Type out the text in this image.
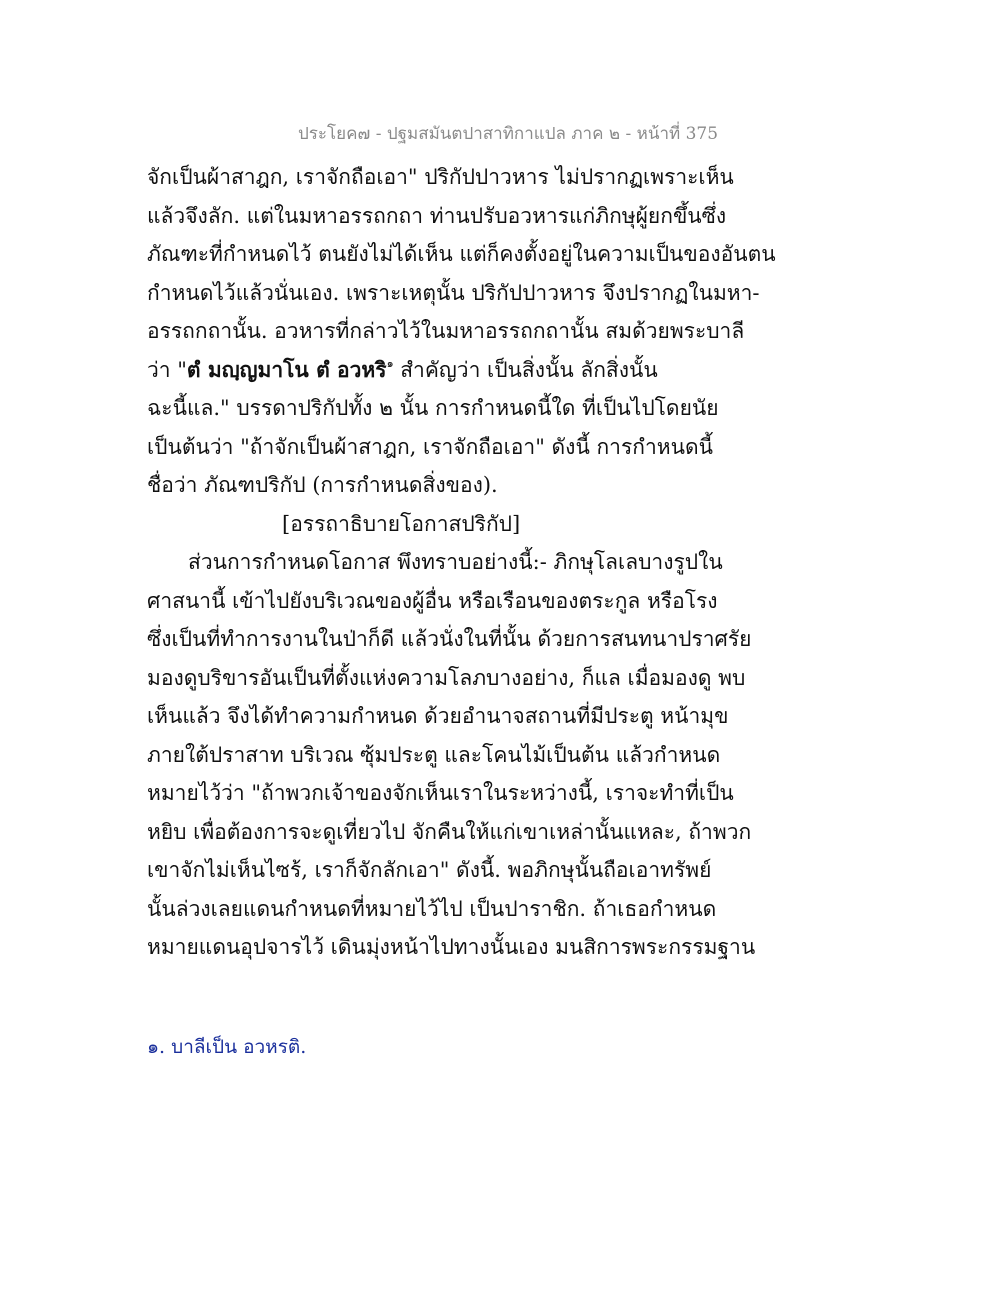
ประโยค๗ - ปฐมสมันตปาสาทิกาแปล ภาค ๒ - หน้าที่ 375
จักเป็นผ้าสาฎก, เราจักถือเอา" ปริกัปปาวหาร ไม่ปรากฏเพราะเห็น
แล้วจึงลัก. แต่ในมหาอรรถกถา ท่านปรับอวหารแก่ภิกษุผู้ยกขึ้นซึ่ง
ภัณฑะที่กำหนดไว้ ตนยังไม่ได้เห็น แต่ก็คงตั้งอยู่ในความเป็นของอันตน
กำหนดไว้แล้วนั่นเอง. เพราะเหตุนั้น ปริกัปปาวหาร จึงปรากฏในมหา-
อรรถกถานั้น. อวหารที่กล่าวไว้ในมหาอรรถกถานั้น สมด้วยพระบาลี
ว่า "ตํ มญฺญมาโน ตํ อวหริ$^๑$ สำคัญว่า เป็นสิ่งนั้น ลักสิ่งนั้น
ฉะนี้แล." บรรดาปริกัปทั้ง ๒ นั้น การกำหนดนี้ใด ที่เป็นไปโดยนัย
เป็นต้นว่า "ถ้าจักเป็นผ้าสาฎก, เราจักถือเอา" ดังนี้ การกำหนดนี้
ชื่อว่า ภัณฑปริกัป (การกำหนดสิ่งของ).
[อรรถาธิบายโอกาสปริกัป]
ส่วนการกำหนดโอกาส พึงทราบอย่างนี้:- ภิกษุโลเลบางรูปใน
ศาสนานี้ เข้าไปยังบริเวณของผู้อื่น หรือเรือนของตระกูล หรือโรง
ซึ่งเป็นที่ทำการงานในป่าก็ดี แล้วนั่งในที่นั้น ด้วยการสนทนาปราศรัย
มองดูบริขารอันเป็นที่ตั้งแห่งความโลภบางอย่าง, ก็แล เมื่อมองดู พบ
เห็นแล้ว จึงได้ทำความกำหนด ด้วยอำนาจสถานที่มีประตู หน้ามุข
ภายใต้ปราสาท บริเวณ ซุ้มประตู และโคนไม้เป็นต้น แล้วกำหนด
หมายไว้ว่า "ถ้าพวกเจ้าของจักเห็นเราในระหว่างนี้, เราจะทำที่เป็น
หยิบ เพื่อต้องการจะดูเที่ยวไป จักคืนให้แก่เขาเหล่านั้นแหละ, ถ้าพวก
เขาจักไม่เห็นไซร้, เราก็จักลักเอา" ดังนี้. พอภิกษุนั้นถือเอาทรัพย์
นั้นล่วงเลยแดนกำหนดที่หมายไว้ไป เป็นปาราชิก. ถ้าเธอกำหนด
หมายแดนอุปจารไว้ เดินมุ่งหน้าไปทางนั้นเอง มนสิการพระกรรมฐาน
๑. บาลีเป็น อวหรติ.
